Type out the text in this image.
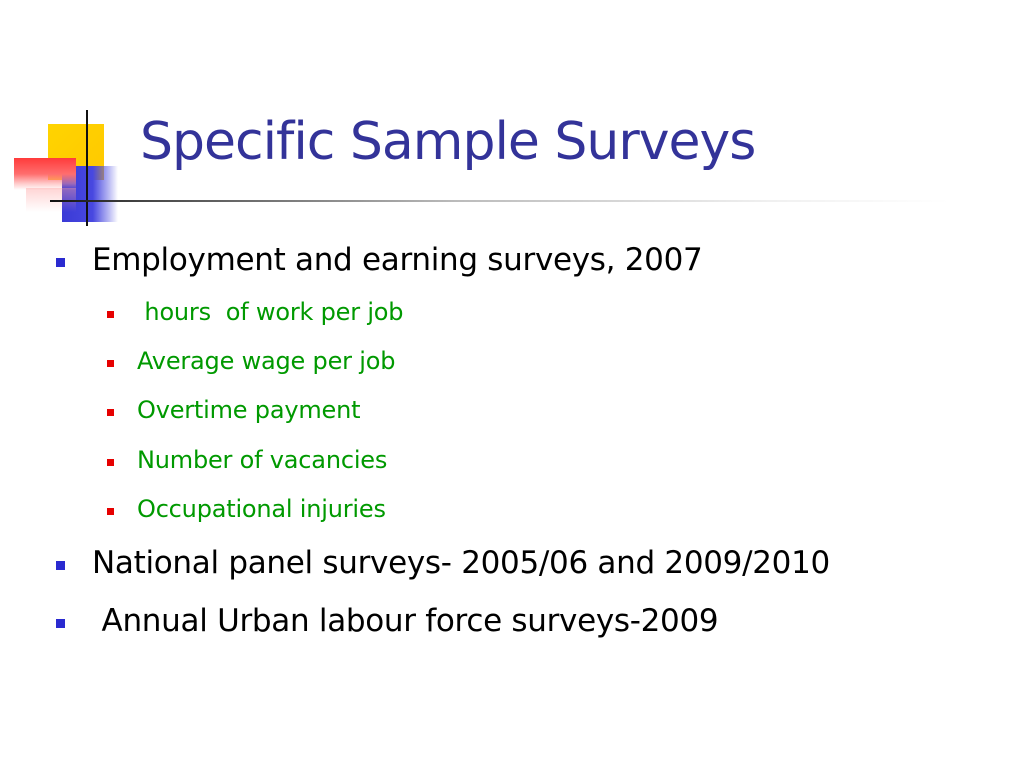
Specific Sample Surveys
Employment and earning surveys, 2007
hours  of work per job
Average wage per job
Overtime payment
Number of vacancies
Occupational injuries
National panel surveys- 2005/06 and 2009/2010
Annual Urban labour force surveys-2009
